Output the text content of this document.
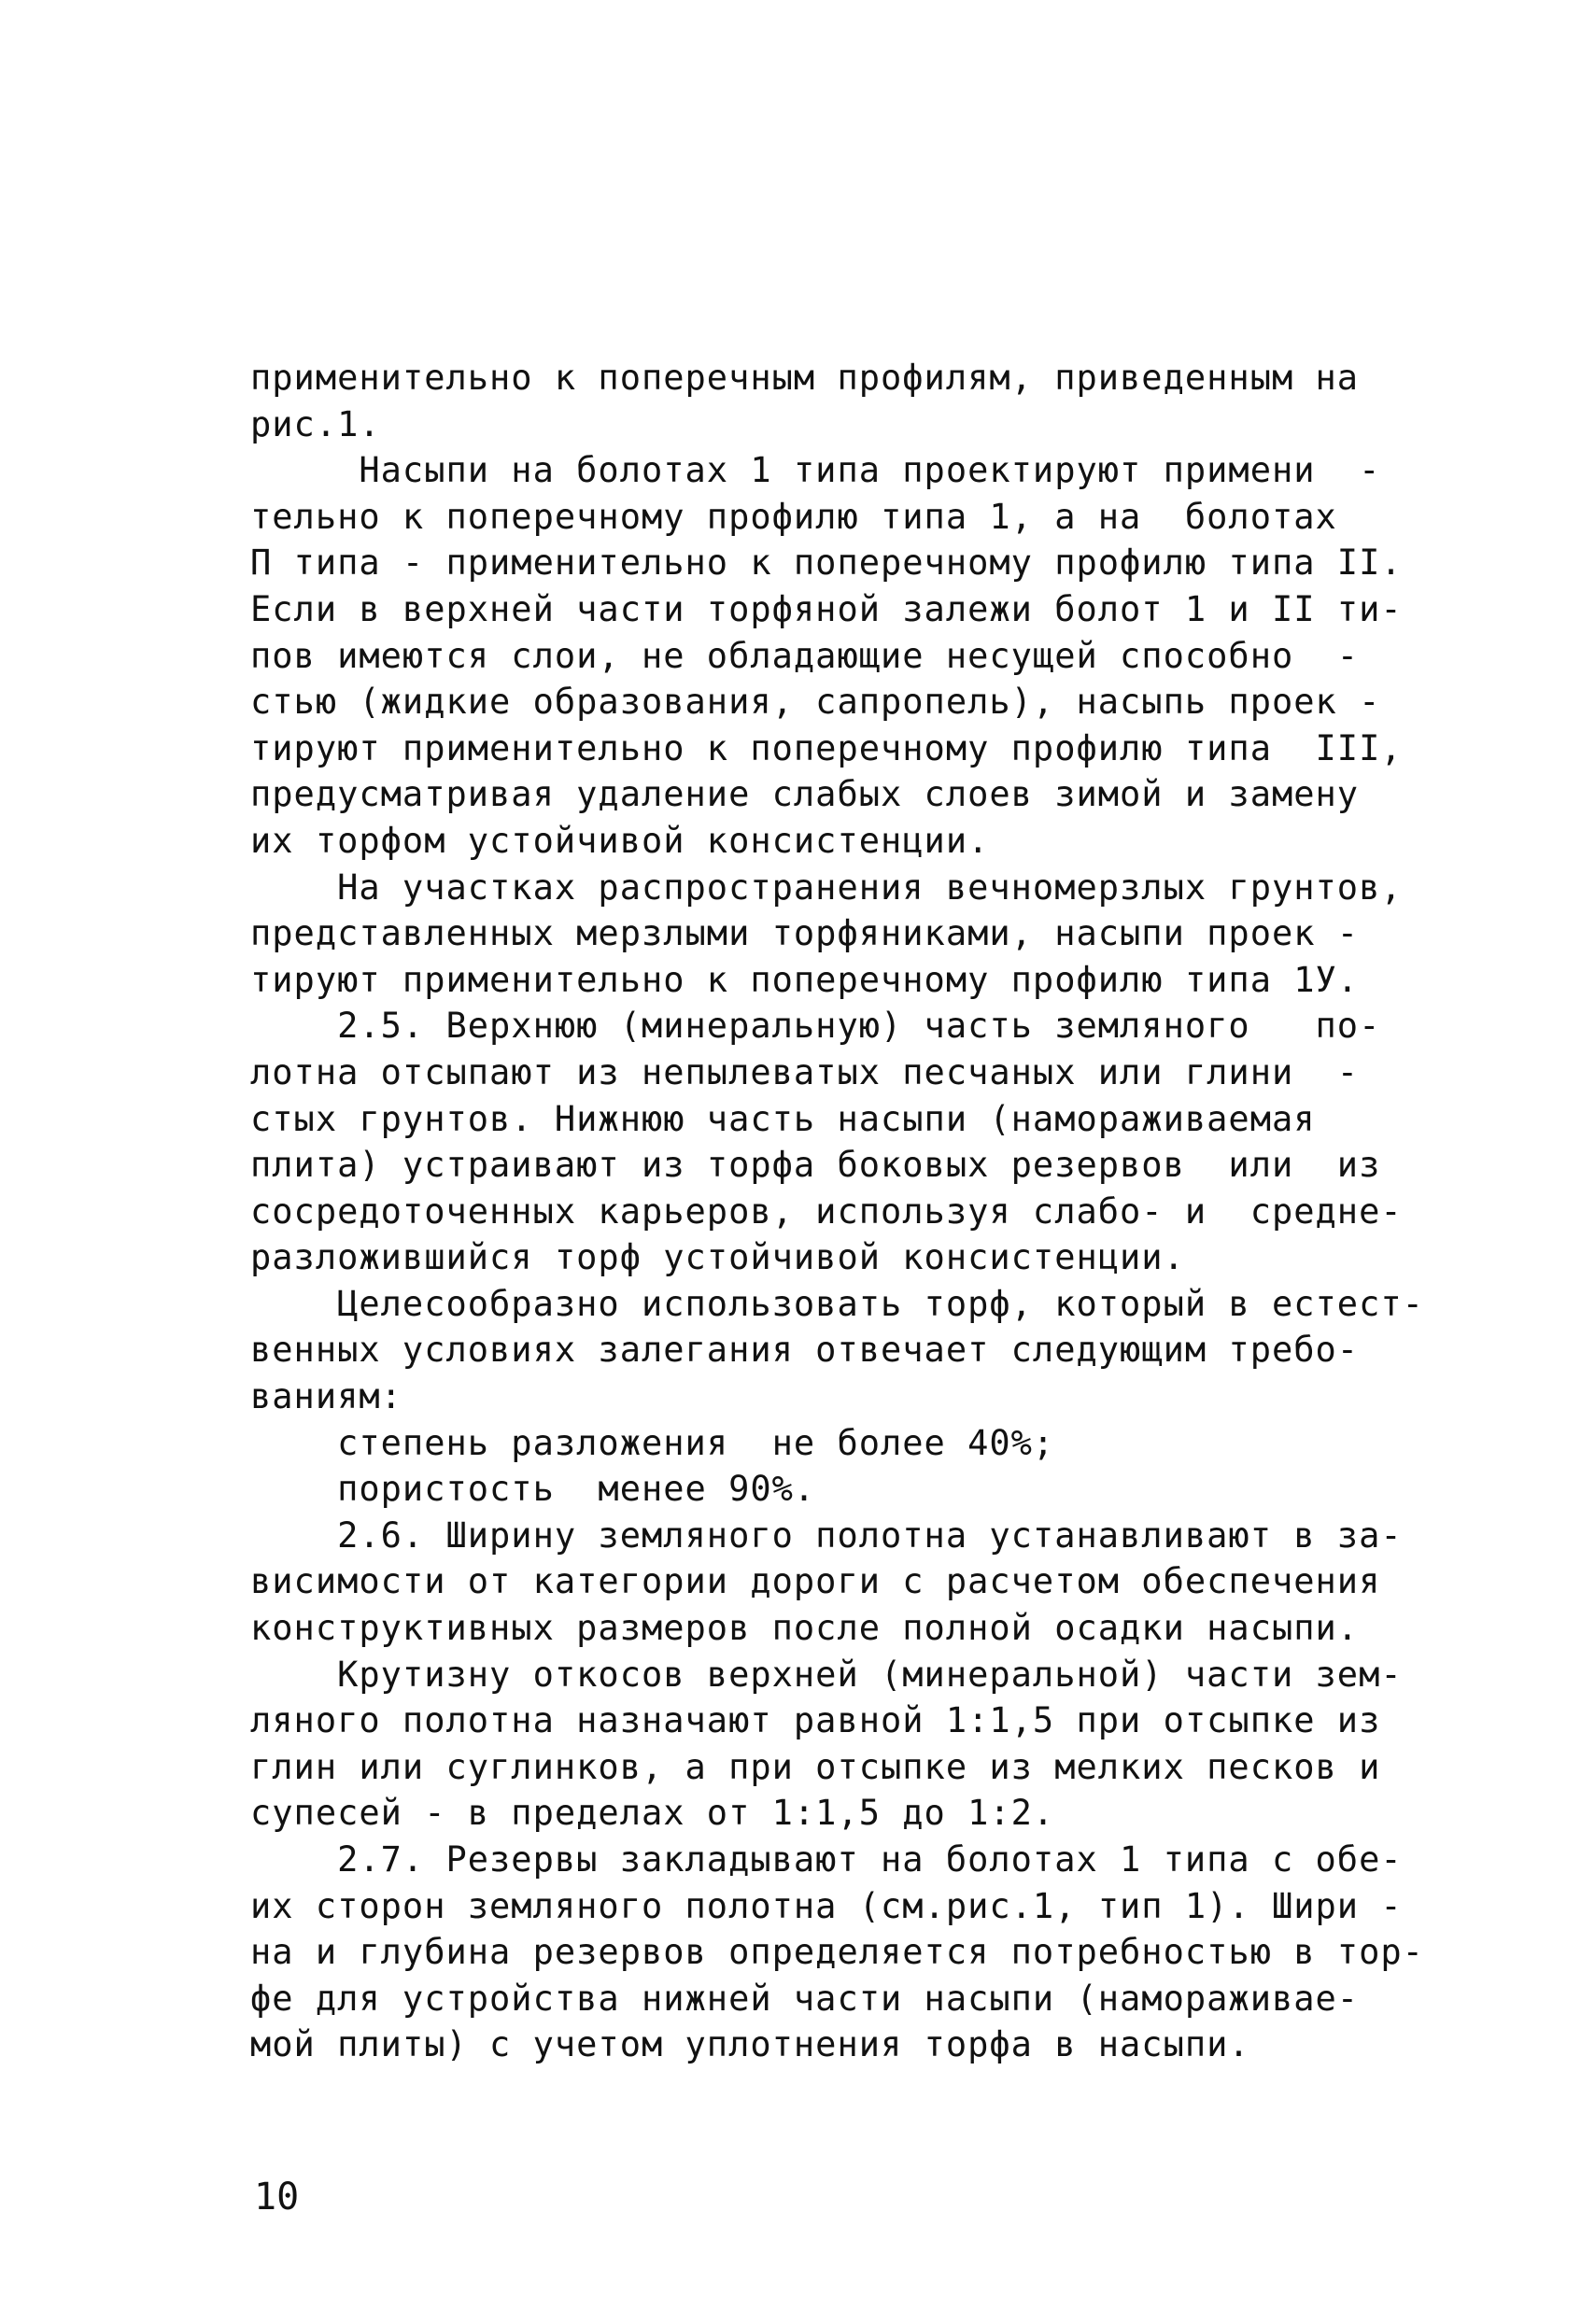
применительно к поперечным профилям, приведенным на
рис.1.
Насыпи на болотах 1 типа проектируют примени  -
тельно к поперечному профилю типа 1, а на  болотах
П типа - применительно к поперечному профилю типа II.
Если в верхней части торфяной залежи болот 1 и II ти-
пов имеются слои, не обладающие несущей способно  -
стью (жидкие образования, сапропель), насыпь проек -
тируют применительно к поперечному профилю типа  III,
предусматривая удаление слабых слоев зимой и замену
их торфом устойчивой консистенции.
На участках распространения вечномерзлых грунтов,
представленных мерзлыми торфяниками, насыпи проек -
тируют применительно к поперечному профилю типа 1У.
2.5. Верхнюю (минеральную) часть земляного   по-
лотна отсыпают из непылеватых песчаных или глини  -
стых грунтов. Нижнюю часть насыпи (намораживаемая
плита) устраивают из торфа боковых резервов  или  из
сосредоточенных карьеров, используя слабо- и  средне-
разложившийся торф устойчивой консистенции.
Целесообразно использовать торф, который в естест-
венных условиях залегания отвечает следующим требо-
ваниям:
степень разложения  не более 40%;
пористость  менее 90%.
2.6. Ширину земляного полотна устанавливают в за-
висимости от категории дороги с расчетом обеспечения
конструктивных размеров после полной осадки насыпи.
Крутизну откосов верхней (минеральной) части зем-
ляного полотна назначают равной 1:1,5 при отсыпке из
глин или суглинков, а при отсыпке из мелких песков и
супесей - в пределах от 1:1,5 до 1:2.
2.7. Резервы закладывают на болотах 1 типа с обе-
их сторон земляного полотна (см.рис.1, тип 1). Шири -
на и глубина резервов определяется потребностью в тор-
фе для устройства нижней части насыпи (намораживае-
мой плиты) с учетом уплотнения торфа в насыпи.
10
